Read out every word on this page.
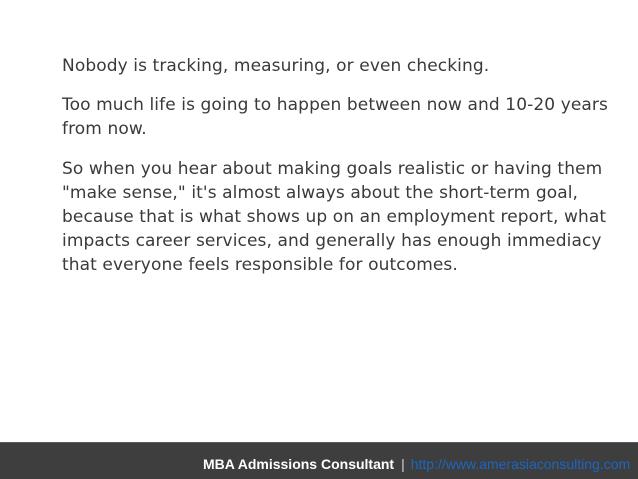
Nobody is tracking, measuring, or even checking.

Too much life is going to happen between now and 10-20 years from now.

So when you hear about making goals realistic or having them "make sense," it's almost always about the short-term goal, because that is what shows up on an employment report, what impacts career services, and generally has enough immediacy that everyone feels responsible for outcomes.

MBA Admissions Consultant | http://www.amerasiaconsulting.com
